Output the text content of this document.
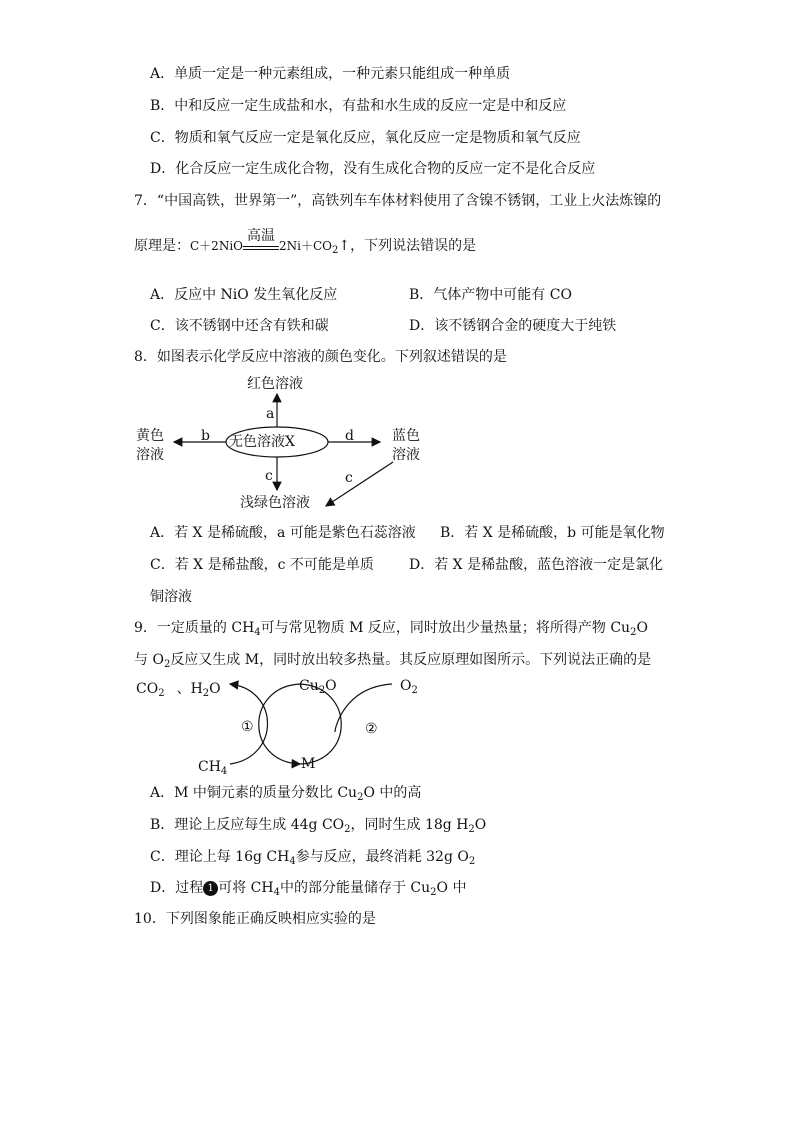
A．单质一定是一种元素组成，一种元素只能组成一种单质
B．中和反应一定生成盐和水，有盐和水生成的反应一定是中和反应
C．物质和氧气反应一定是氧化反应，氧化反应一定是物质和氧气反应
D．化合反应一定生成化合物，没有生成化合物的反应一定不是化合反应
7．“中国高铁，世界第一”，高铁列车车体材料使用了含镍不锈钢，工业上火法炼镍的
原理是：C＋2NiO
高温
$2Ni+CO_2↑$，下列说法错误的是
A．反应中 NiO 发生氧化反应	B．气体产物中可能有 CO
C．该不锈钢中还含有铁和碳	D．该不锈钢合金的硬度大于纯铁
8．如图表示化学反应中溶液的颜色变化。下列叙述错误的是
红色溶液
a
无色溶液X
黄色
溶液
b	d	蓝色
溶液
c	c
浅绿色溶液
A．若 X 是稀硫酸，a 可能是紫色石蕊溶液 B．若 X 是稀硫酸，b 可能是氧化物
C．若 X 是稀盐酸，c 不可能是单质	D．若 X 是稀盐酸，蓝色溶液一定是氯化
铜溶液
9．一定质量的 $CH_4$可与常见物质 M 反应，同时放出少量热量；将所得产物 $Cu_2O$
与 $O_2$反应又生成 M，同时放出较多热量。其反应原理如图所示。下列说法正确的是
$CO_2$ 、$H_2O$	$Cu_2O$	$O_2$
①	②
$CH_4$	M
A．M 中铜元素的质量分数比 $Cu_2O$ 中的高
B．理论上反应每生成 44g $CO_2$，同时生成 18g $H_2O$
C．理论上每 16g $CH_4$参与反应，最终消耗 32g $O_2$
D．过程 1 可将 $CH_4$中的部分能量储存于 $Cu_2O$ 中
10．下列图象能正确反映相应实验的是
